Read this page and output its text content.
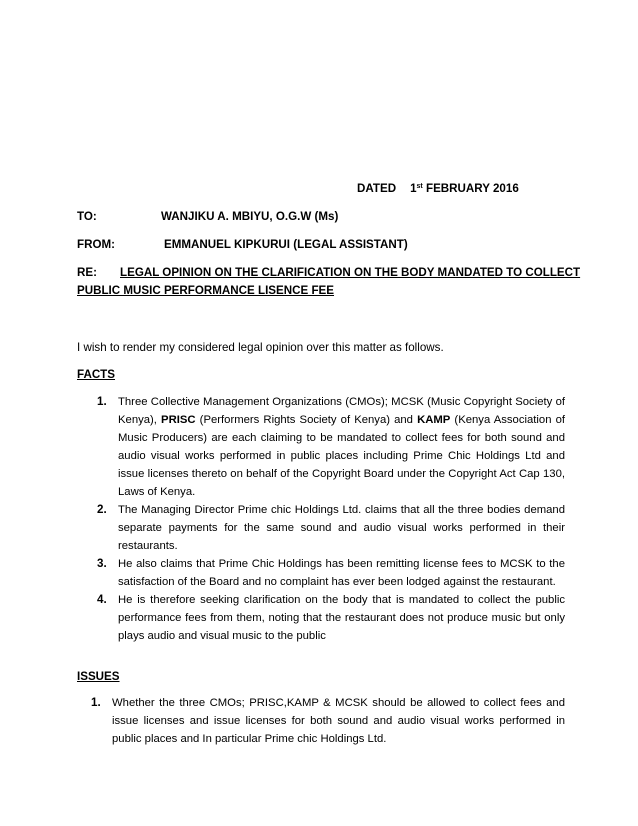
DATED 1st FEBRUARY 2016
TO:	WANJIKU A. MBIYU, O.G.W (Ms)
FROM:	EMMANUEL KIPKURUI (LEGAL ASSISTANT)
RE: LEGAL OPINION ON THE CLARIFICATION ON THE BODY MANDATED TO COLLECT
PUBLIC MUSIC PERFORMANCE LISENCE FEE
I wish to render my considered legal opinion over this matter as follows.
FACTS
1. Three Collective Management Organizations (CMOs); MCSK (Music Copyright Society of Kenya), PRISC (Performers Rights Society of Kenya) and KAMP (Kenya Association of Music Producers) are each claiming to be mandated to collect fees for both sound and audio visual works performed in public places including Prime Chic Holdings Ltd and issue licenses thereto on behalf of the Copyright Board under the Copyright Act Cap 130, Laws of Kenya.
2. The Managing Director Prime chic Holdings Ltd. claims that all the three bodies demand separate payments for the same sound and audio visual works performed in their restaurants.
3. He also claims that Prime Chic Holdings has been remitting license fees to MCSK to the satisfaction of the Board and no complaint has ever been lodged against the restaurant.
4. He is therefore seeking clarification on the body that is mandated to collect the public performance fees from them, noting that the restaurant does not produce music but only plays audio and visual music to the public
ISSUES
1. Whether the three CMOs; PRISC,KAMP & MCSK should be allowed to collect fees and issue licenses and issue licenses for both sound and audio visual works performed in public places and In particular Prime chic Holdings Ltd.
